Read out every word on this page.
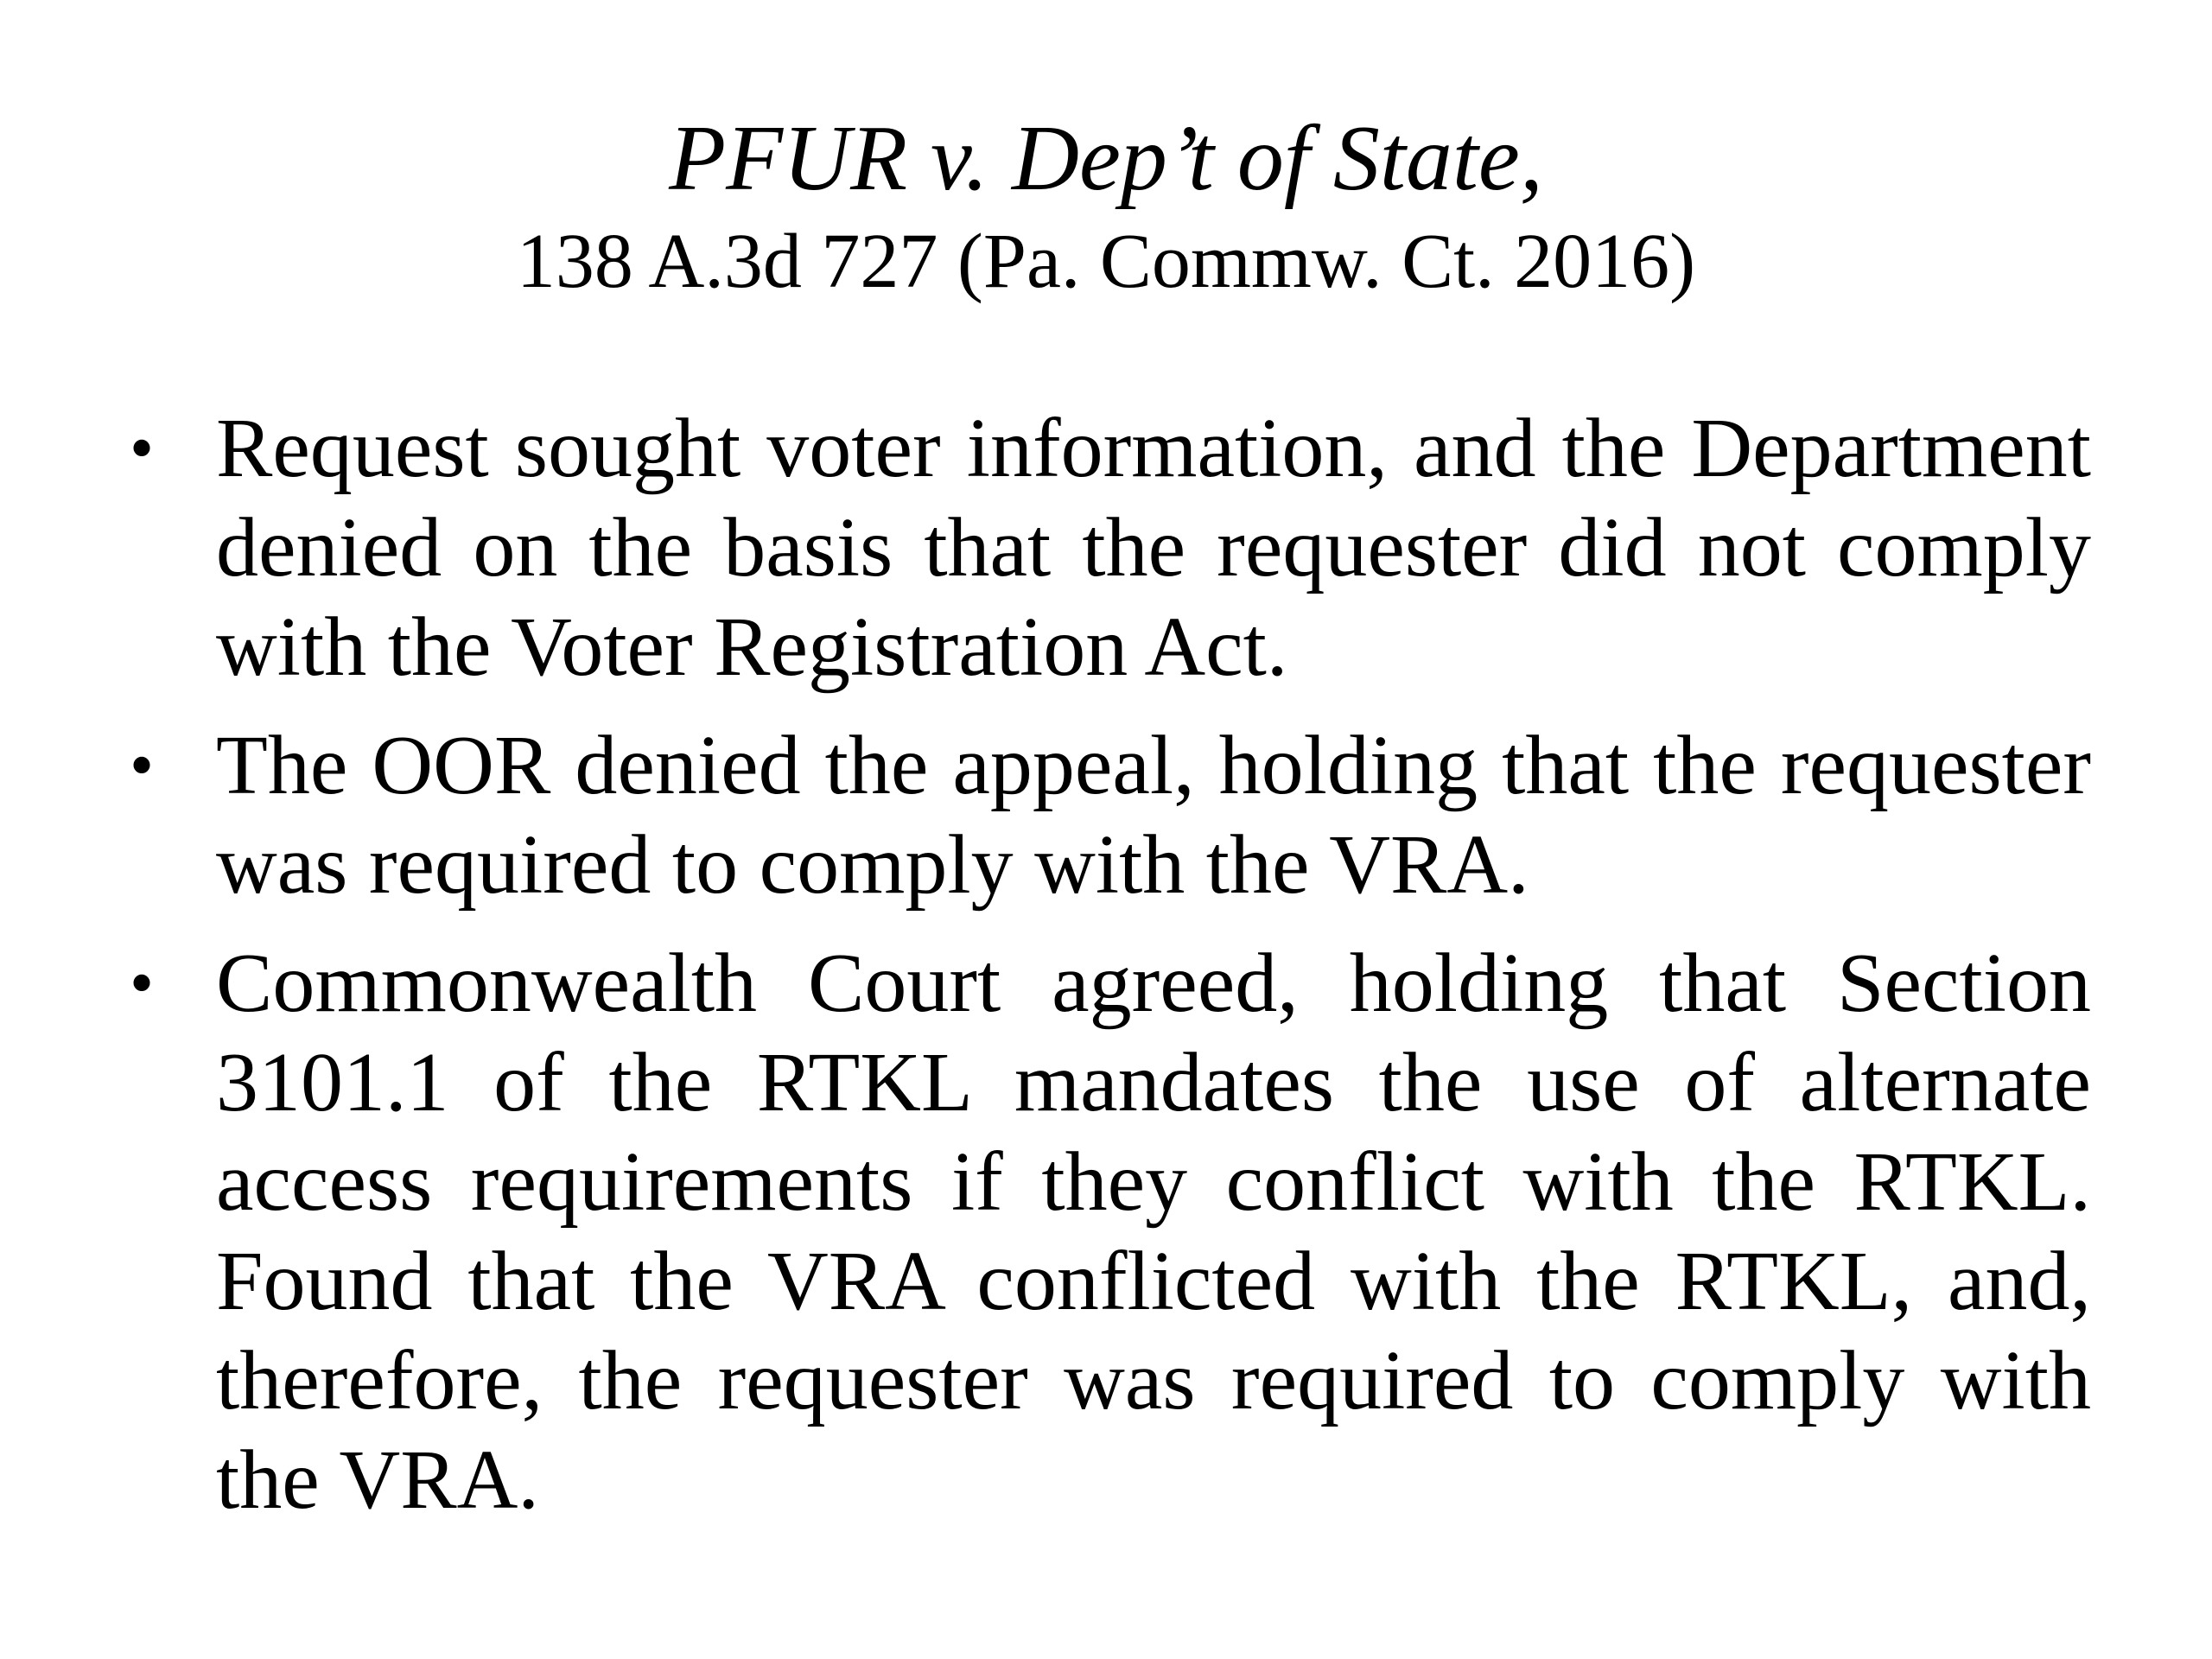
PFUR v. Dep’t of State,
138 A.3d 727 (Pa. Commw. Ct. 2016)
• Request sought voter information, and the Department denied on the basis that the requester did not comply with the Voter Registration Act.
• The OOR denied the appeal, holding that the requester was required to comply with the VRA.
• Commonwealth Court agreed, holding that Section 3101.1 of the RTKL mandates the use of alternate access requirements if they conflict with the RTKL. Found that the VRA conflicted with the RTKL, and, therefore, the requester was required to comply with the VRA.
